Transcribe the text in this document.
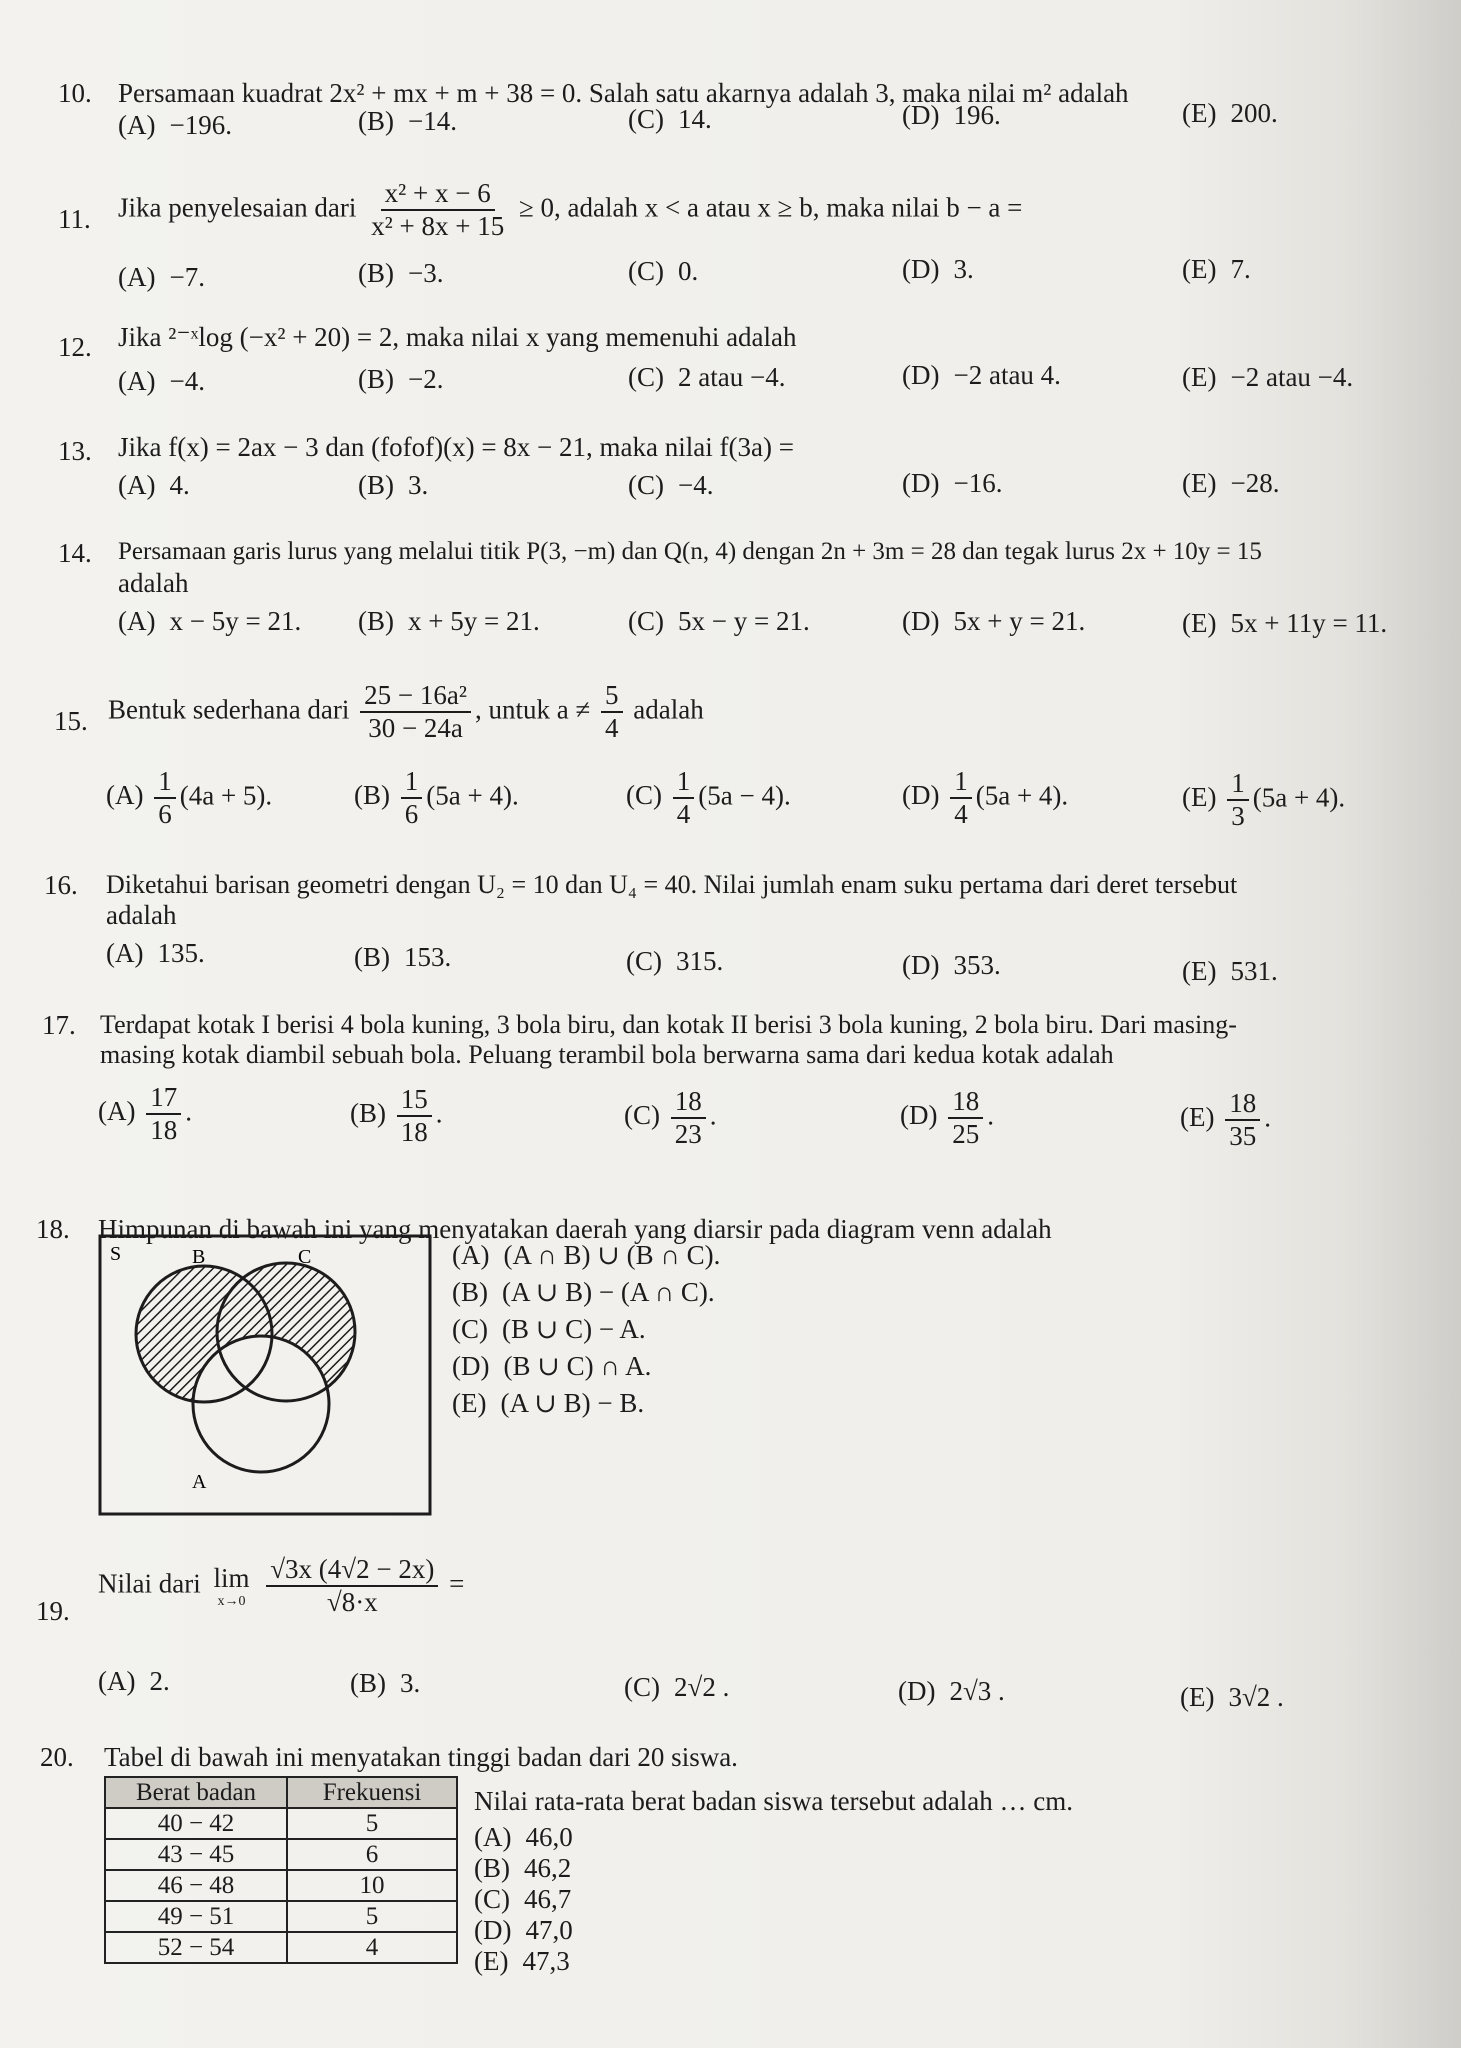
10. Persamaan kuadrat 2x² + mx + m + 38 = 0. Salah satu akarnya adalah 3, maka nilai m² adalah
(A) −196.	(B) −14.	(C) 14.	(D) 196.	(E) 200.
11. Jika penyelesaian dari $\frac{\text{x² + x − 6}}{\text{x² + 8x + 15}} \ge 0$, adalah x < a atau x ≥ b, maka nilai b − a =
(A) −7.	(B) −3.	(C) 0.	(D) 3.	(E) 7.
12. Jika ²⁻ˣlog (−x² + 20) = 2, maka nilai x yang memenuhi adalah
(A) −4.	(B) −2.	(C) 2 atau −4.	(D) −2 atau 4.	(E) −2 atau −4.
13. Jika f(x) = 2ax − 3 dan (fofof)(x) = 8x − 21, maka nilai f(3a) =
(A) 4.	(B) 3.	(C) −4.	(D) −16.	(E) −28.
14. Persamaan garis lurus yang melalui titik P(3, −m) dan Q(n, 4) dengan 2n + 3m = 28 dan tegak lurus 2x + 10y = 15
adalah
(A) x − 5y = 21. (B) x + 5y = 21.	(C) 5x − y = 21.	(D) 5x + y = 21.	(E) 5x + 11y = 11.
15. Bentuk sederhana dari $\frac{\text{25 − 16a²}}{30 - 24a}$ , untuk $a \ne \frac{5}{4}$ adalah
$(A) \frac{1}{6} (4a + 5)$.	$(B) \frac{1}{6} (5a + 4)$.	$(C) \frac{1}{4} (5a - 4)$.	$(D) \frac{1}{4} (5a + 4)$.	$(E) \frac{1}{3} (5a + 4)$.
16. Diketahui barisan geometri dengan U₂ = 10 dan U₄ = 40. Nilai jumlah enam suku pertama dari deret tersebut
adalah
(A) 135.	(B) 153.	(C) 315.	(D) 353.	(E) 531.
17. Terdapat kotak I berisi 4 bola kuning, 3 bola biru, dan kotak II berisi 3 bola kuning, 2 bola biru. Dari masing-
masing kotak diambil sebuah bola. Peluang terambil bola berwarna sama dari kedua kotak adalah
$(A) \frac{17}{18}$ .	$(B) \frac{15}{18}$ .	$(C) \frac{18}{23}$ .	$(D) \frac{18}{25}$ .	$(E) \frac{18}{35}$ .
18. Himpunan di bawah ini yang menyatakan daerah yang diarsir pada diagram venn adalah
S	B	C
A
(A) (A ∩ B) ∪ (B ∩ C).
(B) (A ∪ B) − (A ∩ C).
(C) (B ∪ C) − A.
(D) (B ∪ C) ∩ A.
(E) (A ∪ B) − B.
19.
Nilai dari lim
x→0
$\frac{√3x (4√2 - 2x)}{√8\cdot x}$ =
(A) 2.	(B) 3.	(C) 2√2 .	(D) 2√3 .	(E) 3√2 .
20. Tabel di bawah ini menyatakan tinggi badan dari 20 siswa.
Nilai rata-rata berat badan siswa tersebut adalah … cm.
(A) 46,0
(B) 46,2
(C) 46,7
(D) 47,0
(E) 47,3
Berat badan	Frekuensi
40 − 42	5
43 − 45	6
46 − 48	10
49 − 51	5
52 − 54	4
